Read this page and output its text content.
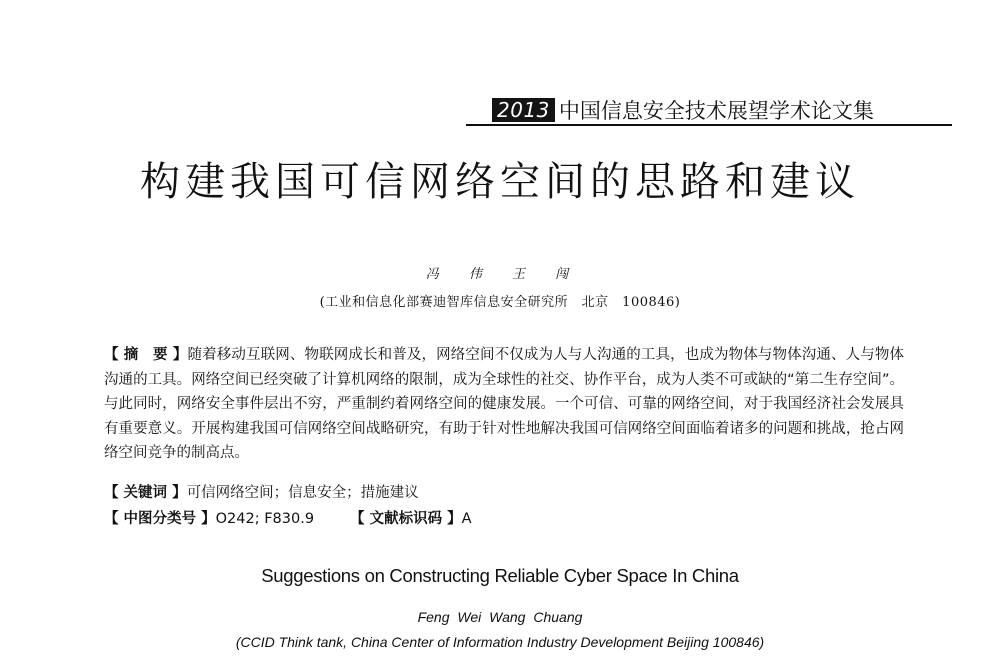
2013 中国信息安全技术展望学术论文集
构建我国可信网络空间的思路和建议
冯 伟 王 闯
(工业和信息化部赛迪智库信息安全研究所　北京　100846)
【 摘　要 】随着移动互联网、物联网成长和普及，网络空间不仅成为人与人沟通的工具，也成为物体与物体沟通、人与物体沟通的工具。网络空间已经突破了计算机网络的限制，成为全球性的社交、协作平台，成为人类不可或缺的“第二生存空间”。与此同时，网络安全事件层出不穷，严重制约着网络空间的健康发展。一个可信、可靠的网络空间，对于我国经济社会发展具有重要意义。开展构建我国可信网络空间战略研究，有助于针对性地解决我国可信网络空间面临着诸多的问题和挑战，抢占网络空间竞争的制高点。
【 关键词 】可信网络空间；信息安全；措施建议
【 中图分类号 】O242; F830.9 【 文献标识码 】A
Suggestions on Constructing Reliable Cyber Space In China
Feng Wei Wang Chuang
(CCID Think tank, China Center of Information Industry Development Beijing 100846)
